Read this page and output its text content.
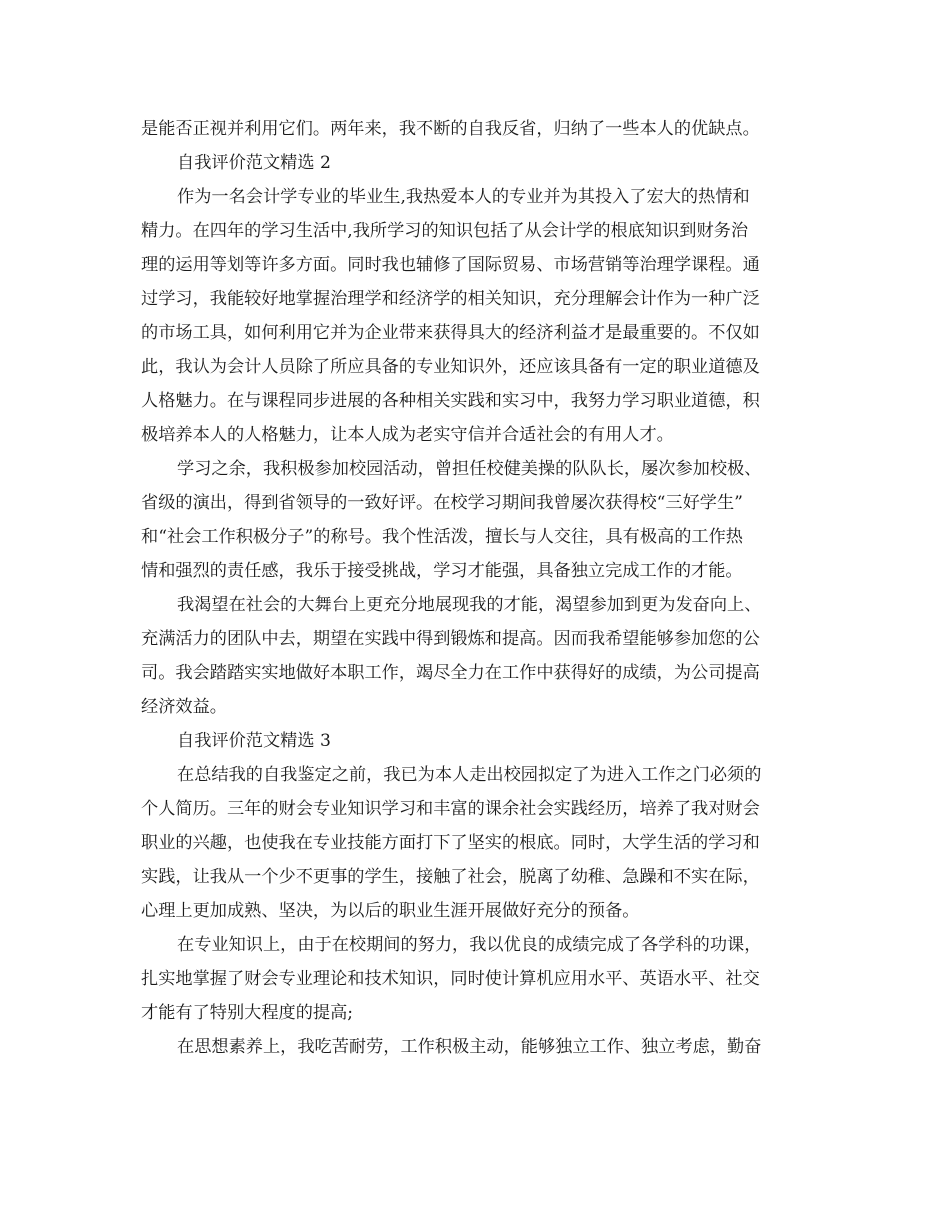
是能否正视并利用它们。两年来，我不断的自我反省，归纳了一些本人的优缺点。
自我评价范文精选 2
作为一名会计学专业的毕业生,我热爱本人的专业并为其投入了宏大的热情和
精力。在四年的学习生活中,我所学习的知识包括了从会计学的根底知识到财务治
理的运用等划等许多方面。同时我也辅修了国际贸易、市场营销等治理学课程。通
过学习，我能较好地掌握治理学和经济学的相关知识，充分理解会计作为一种广泛
的市场工具，如何利用它并为企业带来获得具大的经济利益才是最重要的。不仅如
此，我认为会计人员除了所应具备的专业知识外，还应该具备有一定的职业道德及
人格魅力。在与课程同步进展的各种相关实践和实习中，我努力学习职业道德，积
极培养本人的人格魅力，让本人成为老实守信并合适社会的有用人才。
学习之余，我积极参加校园活动，曾担任校健美操的队队长，屡次参加校极、
省级的演出，得到省领导的一致好评。在校学习期间我曾屡次获得校“三好学生”
和“社会工作积极分子”的称号。我个性活泼，擅长与人交往，具有极高的工作热
情和强烈的责任感，我乐于接受挑战，学习才能强，具备独立完成工作的才能。
我渴望在社会的大舞台上更充分地展现我的才能，渴望参加到更为发奋向上、
充满活力的团队中去，期望在实践中得到锻炼和提高。因而我希望能够参加您的公
司。我会踏踏实实地做好本职工作，竭尽全力在工作中获得好的成绩，为公司提高
经济效益。
自我评价范文精选 3
在总结我的自我鉴定之前，我已为本人走出校园拟定了为进入工作之门必须的
个人简历。三年的财会专业知识学习和丰富的课余社会实践经历，培养了我对财会
职业的兴趣，也使我在专业技能方面打下了坚实的根底。同时，大学生活的学习和
实践，让我从一个少不更事的学生，接触了社会，脱离了幼稚、急躁和不实在际，
心理上更加成熟、坚决，为以后的职业生涯开展做好充分的预备。
在专业知识上，由于在校期间的努力，我以优良的成绩完成了各学科的功课，
扎实地掌握了财会专业理论和技术知识，同时使计算机应用水平、英语水平、社交
才能有了特别大程度的提高;
在思想素养上，我吃苦耐劳，工作积极主动，能够独立工作、独立考虑，勤奋
